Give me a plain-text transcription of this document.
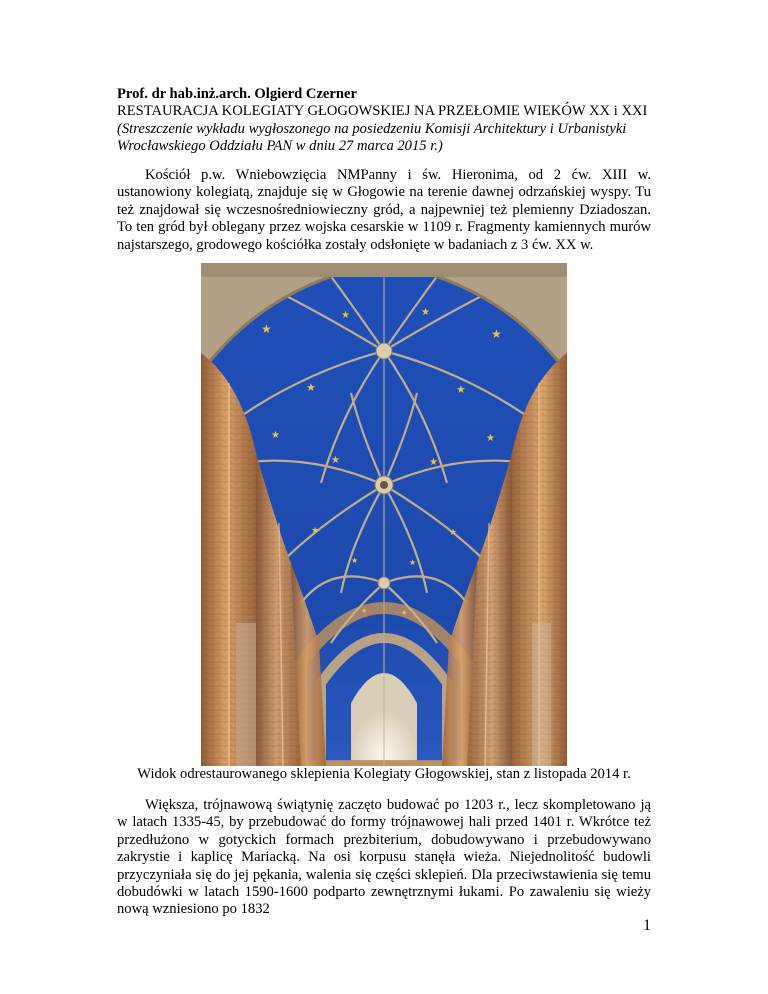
Prof. dr hab.inż.arch. Olgierd Czerner
RESTAURACJA KOLEGIATY GŁOGOWSKIEJ NA PRZEŁOMIE WIEKÓW XX i XXI
(Streszczenie wykładu wygłoszonego na posiedzeniu Komisji Architektury i Urbanistyki Wrocławskiego Oddziału PAN w dniu 27 marca 2015 r.)

Kościół p.w. Wniebowzięcia NMPanny i św. Hieronima, od 2 ćw. XIII w. ustanowiony kolegiatą, znajduje się w Głogowie na terenie dawnej odrzańskiej wyspy. Tu też znajdował się wczesnośredniowieczny gród, a najpewniej też plemienny Dziadoszan. To ten gród był oblegany przez wojska cesarskie w 1109 r. Fragmenty kamiennych murów najstarszego, grodowego kościółka zostały odsłonięte w badaniach z 3 ćw. XX w.

★	★
★	★
★	★
★	★
★	★
★	★
★	★
★	★
Widok odrestaurowanego sklepienia Kolegiaty Głogowskiej, stan z listopada 2014 r.

Większa, trójnawową świątynię zaczęto budować po 1203 r., lecz skompletowano ją w latach 1335-45, by przebudować do formy trójnawowej hali przed 1401 r. Wkrótce też przedłużono w gotyckich formach prezbiterium, dobudowywano i przebudowywano zakrystie i kaplicę Mariacką. Na osi korpusu stanęła wieża. Niejednolitość budowli przyczyniała się do jej pękania, walenia się części sklepień. Dla przeciwstawienia się temu dobudówki w latach 1590-1600 podparto zewnętrznymi łukami. Po zawaleniu się wieży nową wzniesiono po 1832

1
